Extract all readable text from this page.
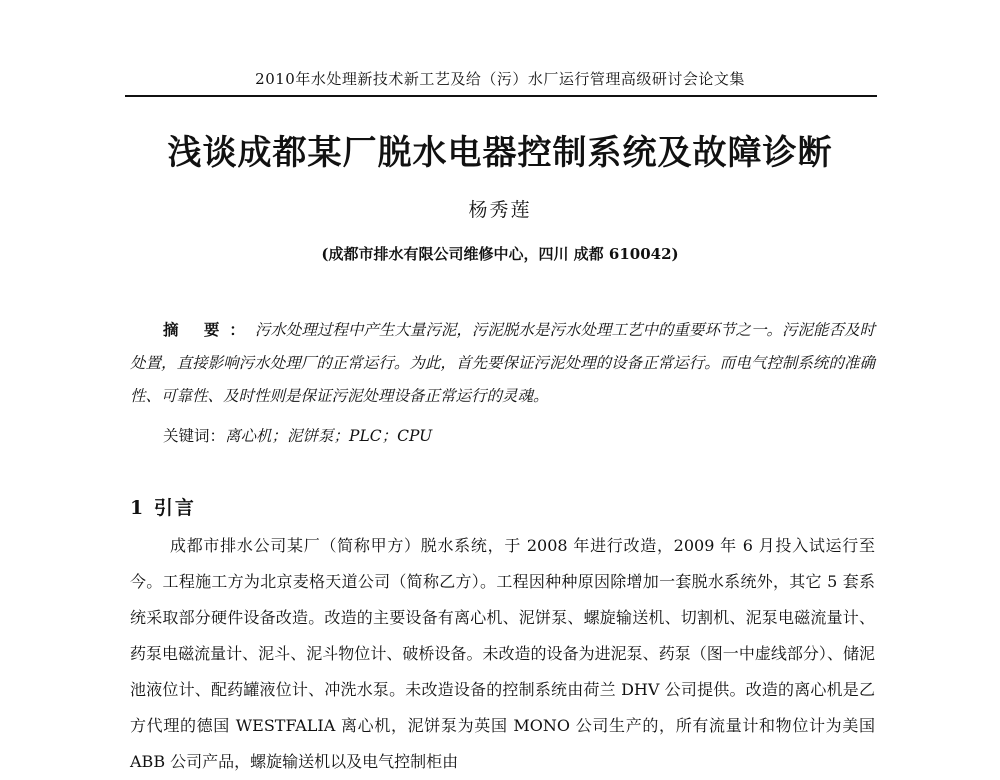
2010年水处理新技术新工艺及给（污）水厂运行管理高级研讨会论文集
浅谈成都某厂脱水电器控制系统及故障诊断
杨秀莲
(成都市排水有限公司维修中心，四川 成都 610042)

摘 要：污水处理过程中产生大量污泥，污泥脱水是污水处理工艺中的重要环节之一。污泥能否及时处置，直接影响污水处理厂的正常运行。为此，首先要保证污泥处理的设备正常运行。而电气控制系统的准确性、可靠性、及时性则是保证污泥处理设备正常运行的灵魂。

关键词：离心机；泥饼泵；PLC；CPU
1 引言

成都市排水公司某厂（简称甲方）脱水系统，于 2008 年进行改造，2009 年 6 月投入试运行至今。工程施工方为北京麦格天道公司（简称乙方）。工程因种种原因除增加一套脱水系统外，其它 5 套系统采取部分硬件设备改造。改造的主要设备有离心机、泥饼泵、螺旋输送机、切割机、泥泵电磁流量计、药泵电磁流量计、泥斗、泥斗物位计、破桥设备。未改造的设备为进泥泵、药泵（图一中虚线部分）、储泥池液位计、配药罐液位计、冲洗水泵。未改造设备的控制系统由荷兰 DHV 公司提供。改造的离心机是乙方代理的德国 WESTFALIA 离心机，泥饼泵为英国 MONO 公司生产的，所有流量计和物位计为美国 ABB 公司产品，螺旋输送机以及电气控制柜由
